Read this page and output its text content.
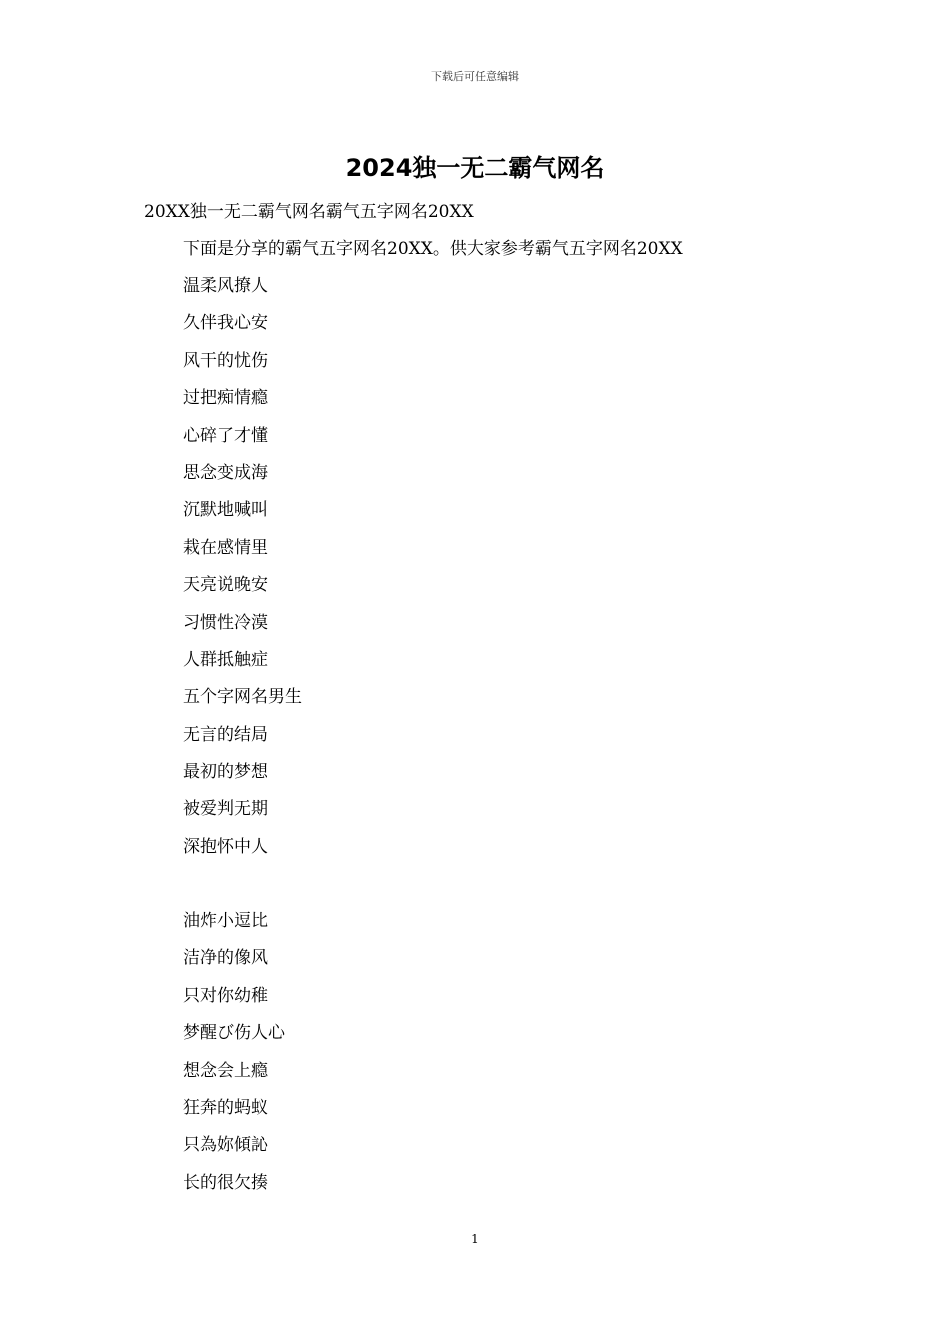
下载后可任意编辑
2024独一无二霸气网名
20XX独一无二霸气网名霸气五字网名20XX
下面是分享的霸气五字网名20XX。供大家参考霸气五字网名20XX
温柔风撩人
久伴我心安
风干的忧伤
过把痴情瘾
心碎了才懂
思念变成海
沉默地喊叫
栽在感情里
天亮说晚安
习惯性冷漠
人群抵触症
五个字网名男生
无言的结局
最初的梦想
被爱判无期
深抱怀中人
油炸小逗比
洁净的像风
只对你幼稚
梦醒び伤人心
想念会上瘾
狂奔的蚂蚁
只為妳傾訫
长的很欠揍
1
